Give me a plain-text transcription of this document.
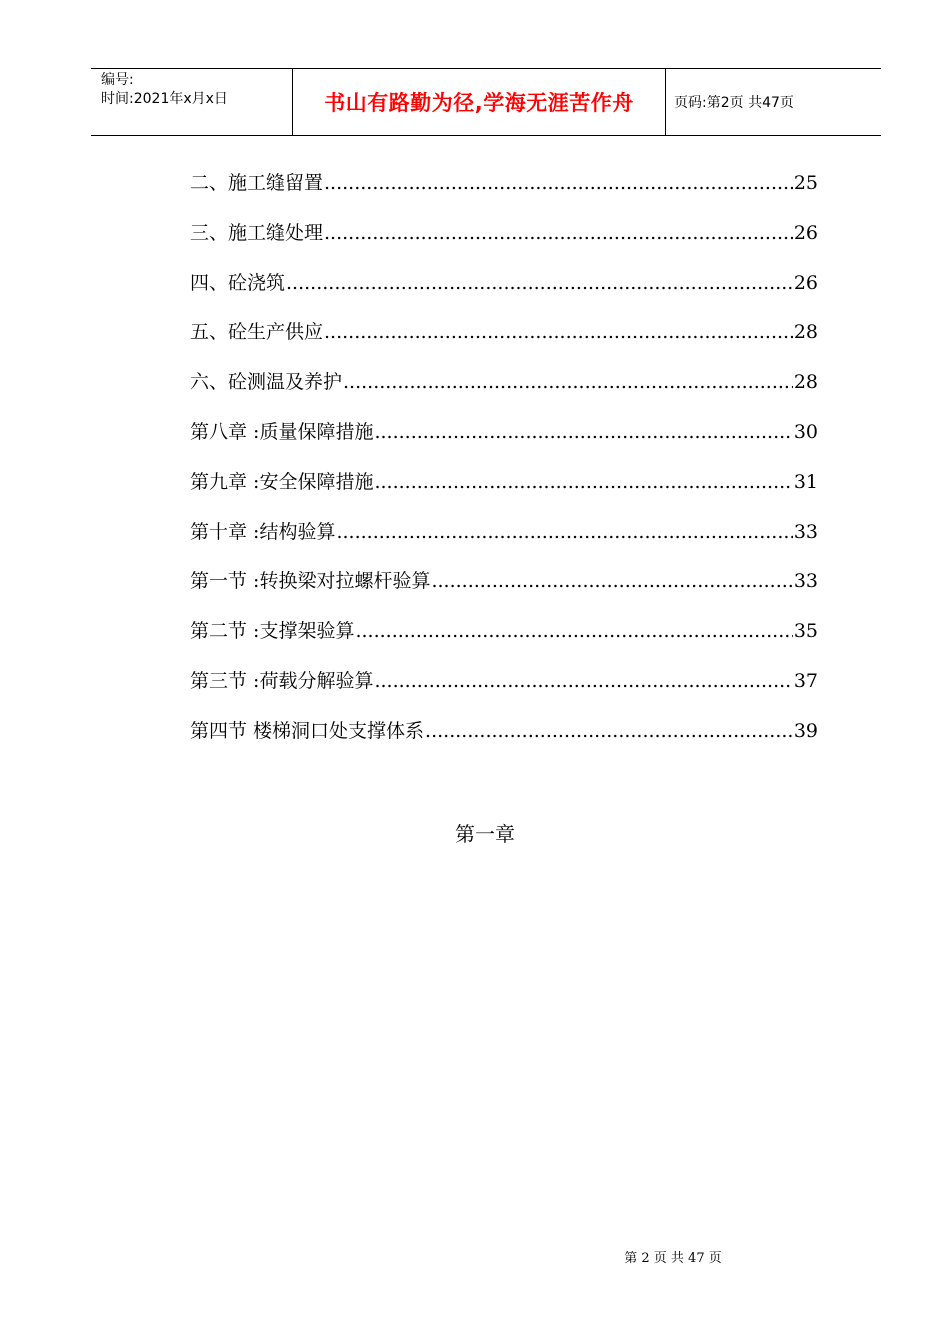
编号:
时间:2021年x月x日	书山有路勤为径,学海无涯苦作舟	页码:第2页 共47页
二、施工缝留置 .....	25
三、施工缝处理 .....	26
四、砼浇筑 .....	26
五、砼生产供应 .....	28
六、砼测温及养护 .....	28
第八章 :质量保障措施 .....	30
第九章 :安全保障措施 .....	31
第十章 :结构验算 .....	33
第一节 :转换梁对拉螺杆验算 .....	33
第二节 :支撑架验算 .....	35
第三节 :荷载分解验算 .....	37
第四节 楼梯洞口处支撑体系 .....	39
第一章
第 2 页 共 47 页
